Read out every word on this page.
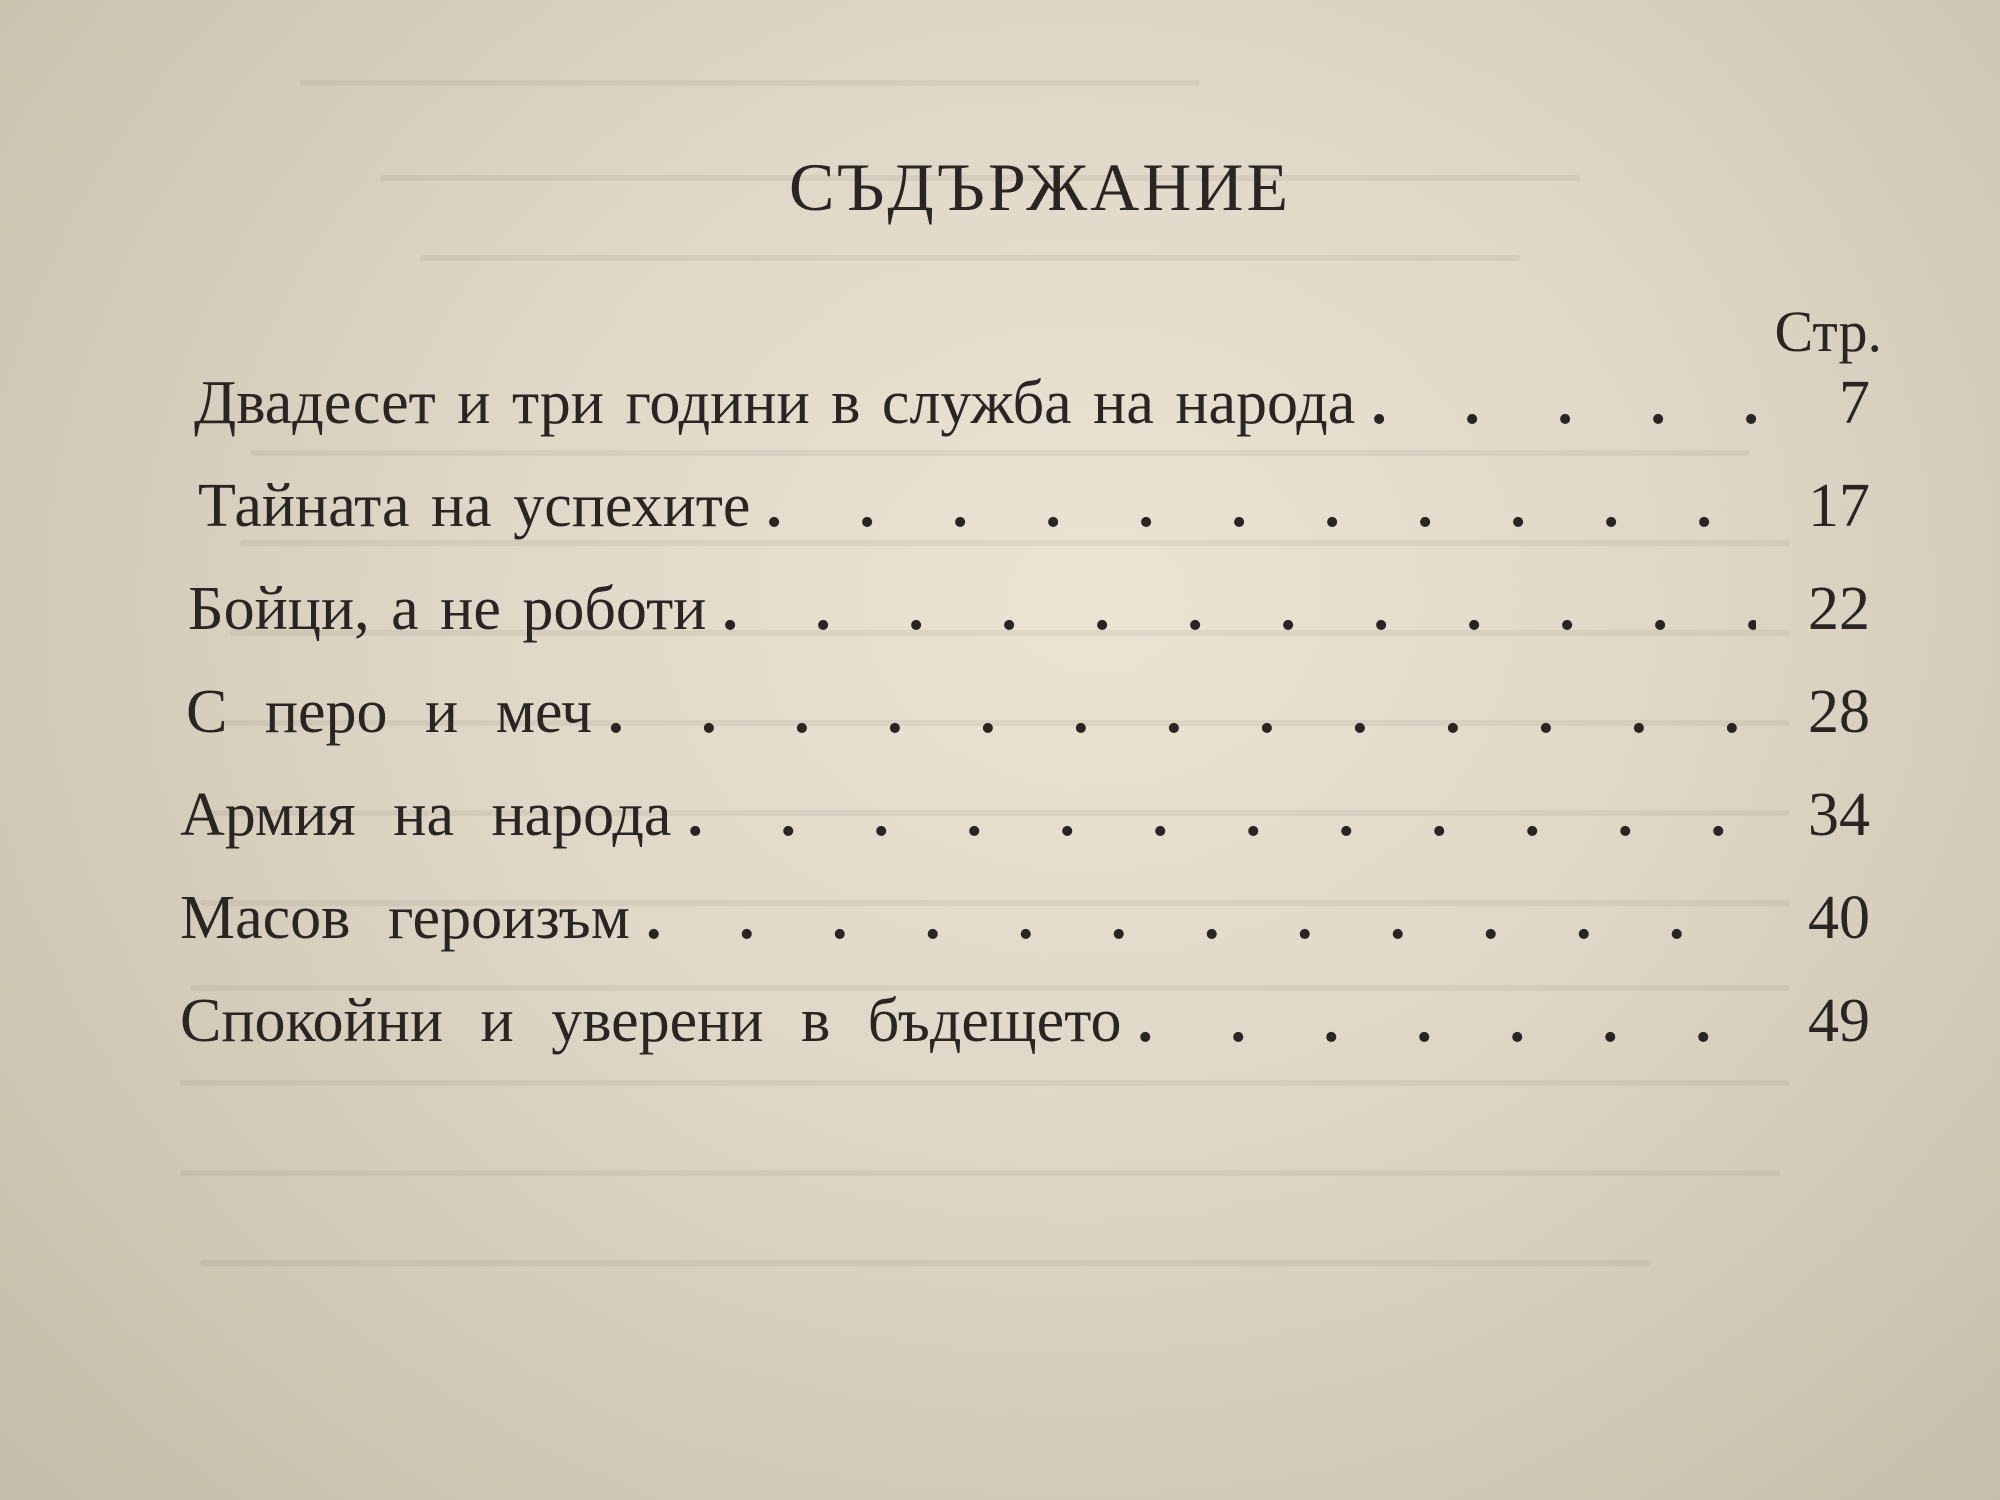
СЪДЪРЖАНИЕ
Стр.
Двадесет и три години в служба на народа .	7
Тайната на успехите .	17
Бойци, а не роботи .	22
С перо и меч .	28
Армия на народа .	34
Масов героизъм .	40
Спокойни и уверени в бъдещето .	49
